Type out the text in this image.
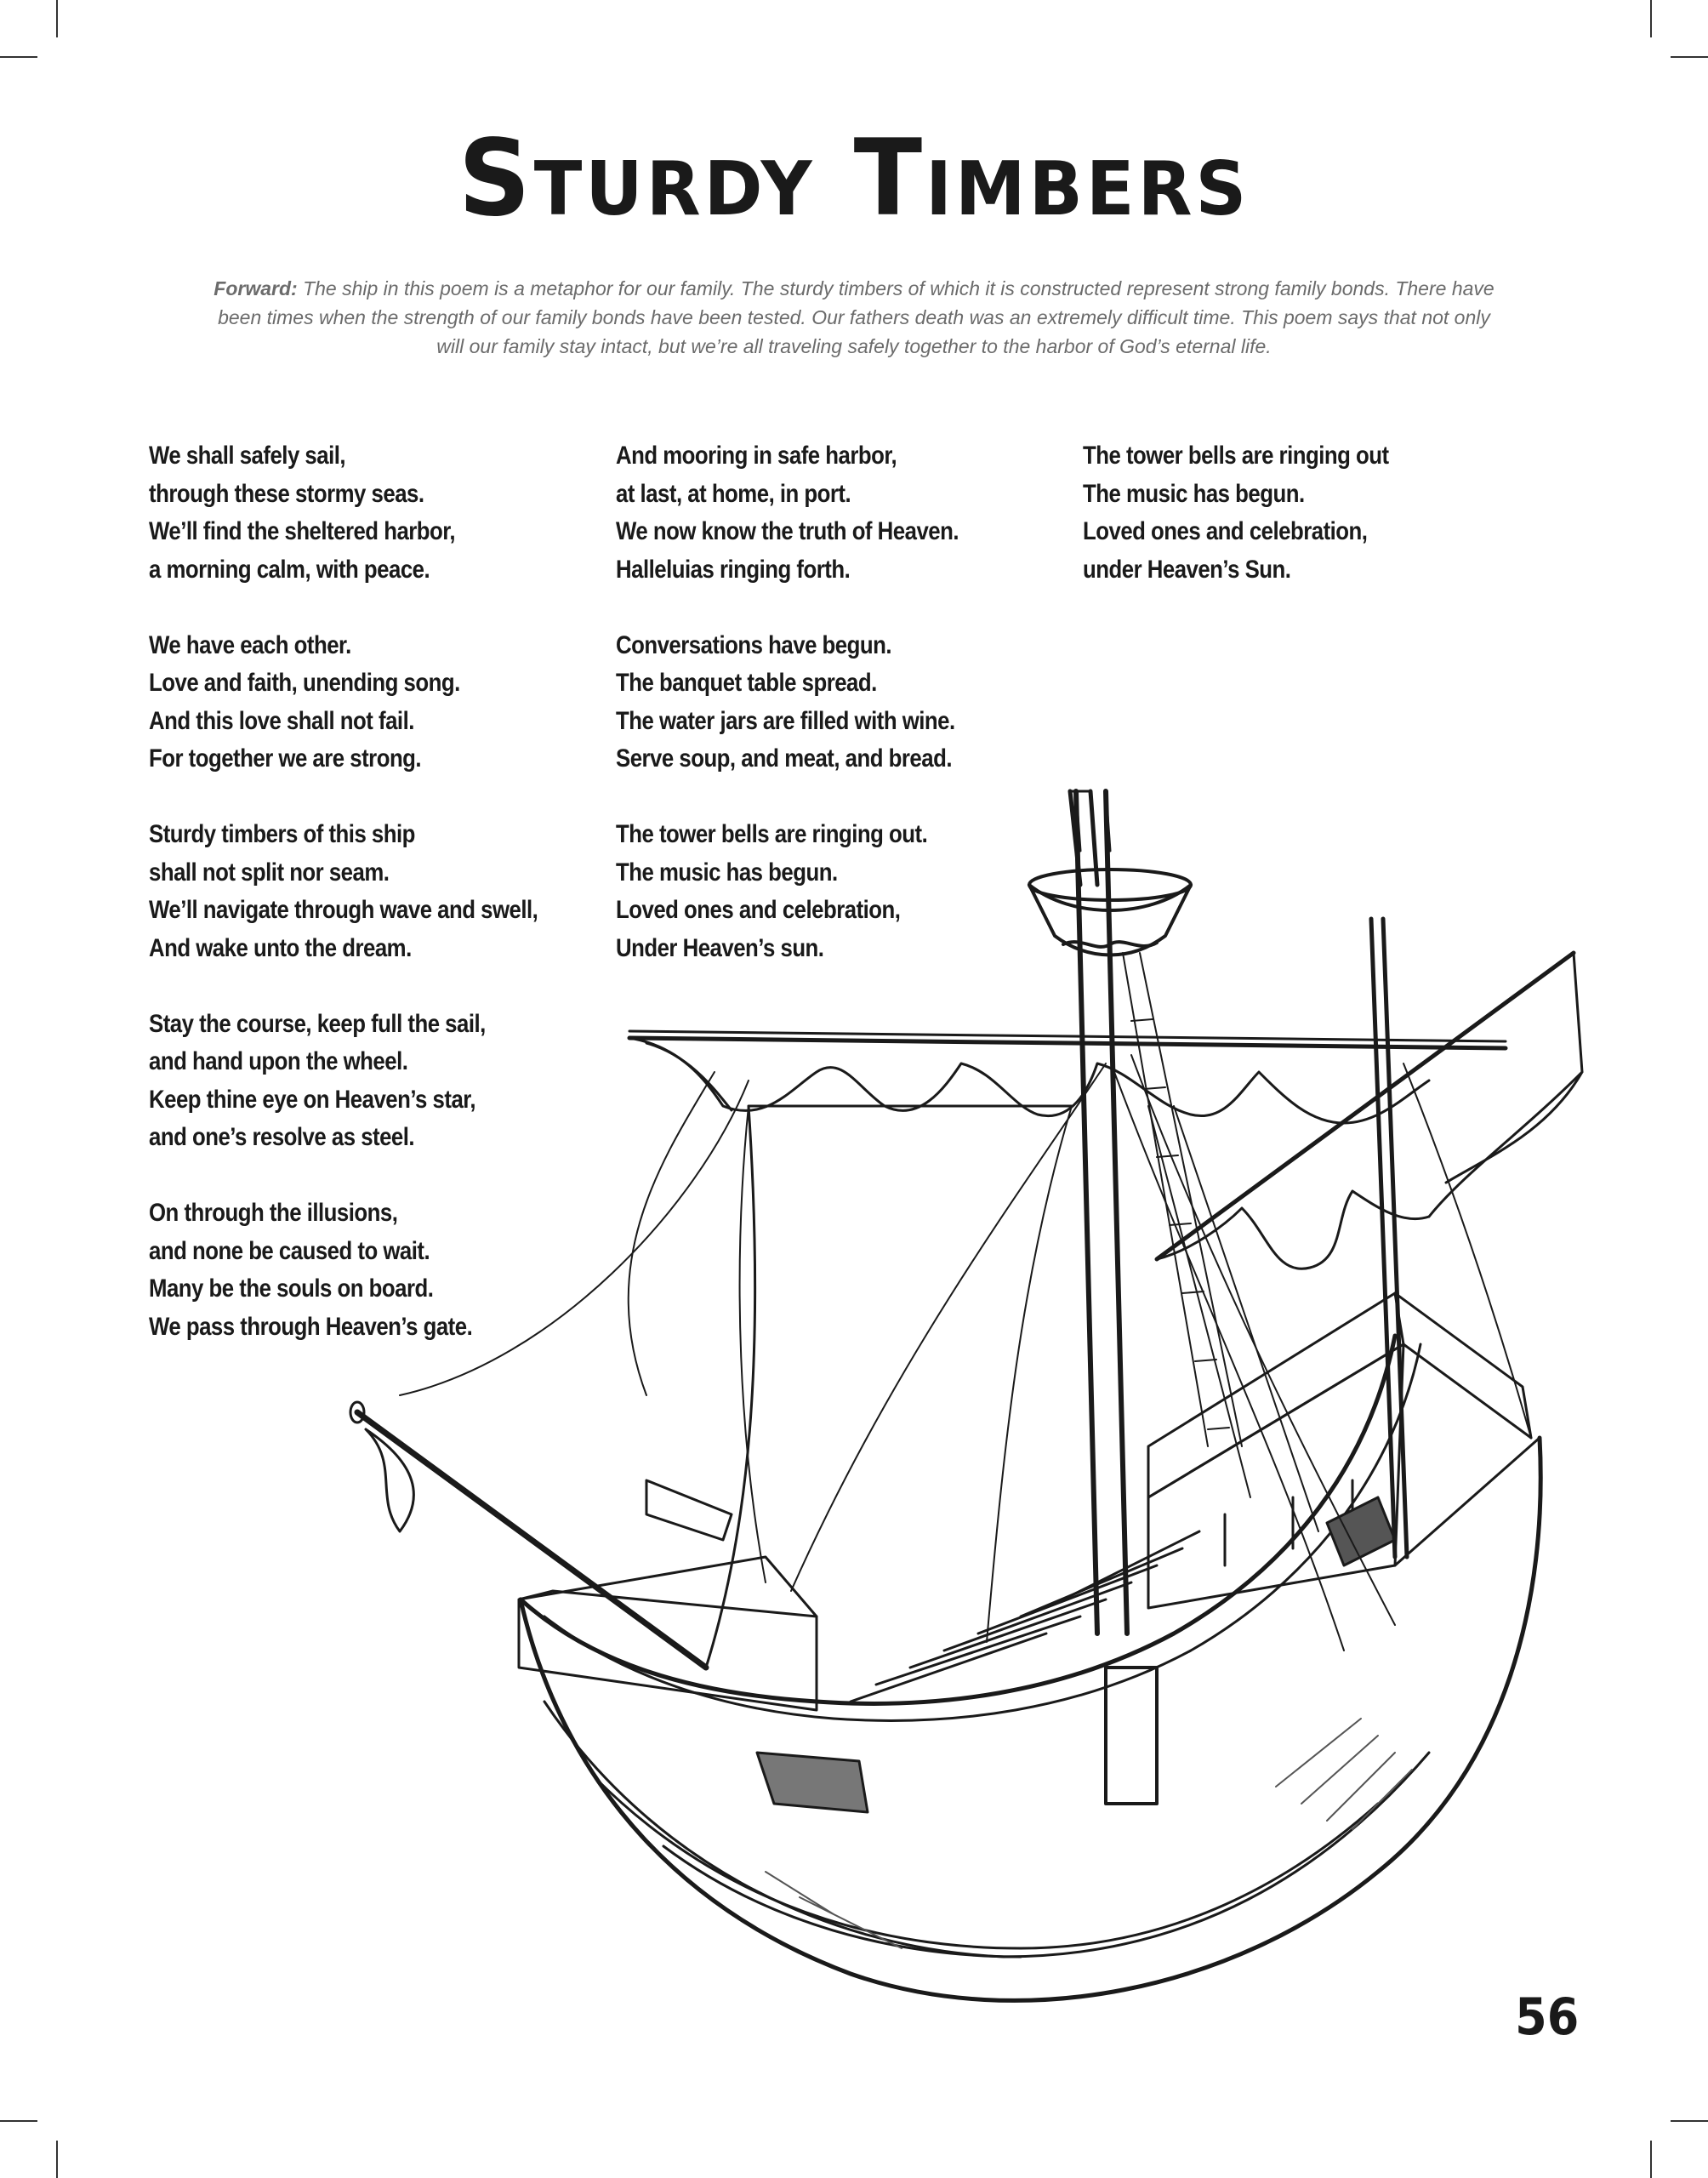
Sturdy Timbers
Forward: The ship in this poem is a metaphor for our family. The sturdy timbers of which it is constructed represent strong family bonds. There have been times when the strength of our family bonds have been tested. Our fathers death was an extremely difficult time. This poem says that not only will our family stay intact, but we’re all traveling safely together to the harbor of God’s eternal life.
We shall safely sail,
through these stormy seas.
We’ll find the sheltered harbor,
a morning calm, with peace.
We have each other.
Love and faith, unending song.
And this love shall not fail.
For together we are strong.
Sturdy timbers of this ship
shall not split nor seam.
We’ll navigate through wave and swell,
And wake unto the dream.
Stay the course, keep full the sail,
and hand upon the wheel.
Keep thine eye on Heaven’s star,
and one’s resolve as steel.
On through the illusions,
and none be caused to wait.
Many be the souls on board.
We pass through Heaven’s gate.
And mooring in safe harbor,
at last, at home, in port.
We now know the truth of Heaven.
Halleluias ringing forth.
Conversations have begun.
The banquet table spread.
The water jars are filled with wine.
Serve soup, and meat, and bread.
The tower bells are ringing out.
The music has begun.
Loved ones and celebration,
Under Heaven’s sun.
The tower bells are ringing out
The music has begun.
Loved ones and celebration,
under Heaven’s Sun.
56
